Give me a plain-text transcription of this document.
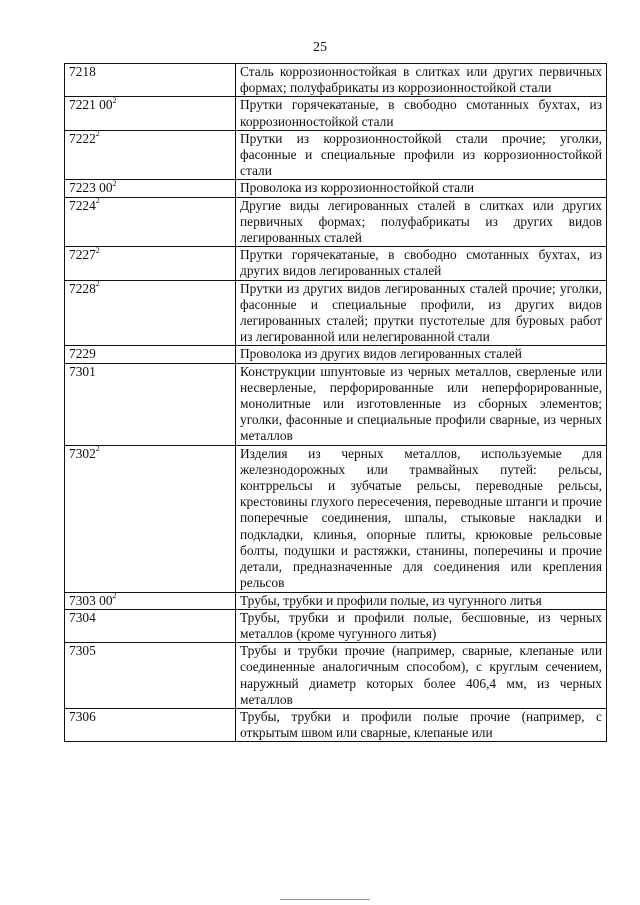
25
7218	Сталь коррозионностойкая в слитках или других первичных формах; полуфабрикаты из коррозионностойкой стали
7221 $00^2$	Прутки горячекатаные, в свободно смотанных бухтах, из коррозионностойкой стали
7222$^2$	Прутки из коррозионностойкой стали прочие; уголки, фасонные и специальные профили из коррозионностойкой стали
7223 $00^2$	Проволока из коррозионностойкой стали
7224$^2$	Другие виды легированных сталей в слитках или других первичных формах; полуфабрикаты из других видов легированных сталей
7227$^2$	Прутки горячекатаные, в свободно смотанных бухтах, из других видов легированных сталей
7228$^2$	Прутки из других видов легированных сталей прочие; уголки, фасонные и специальные профили, из других видов легированных сталей; прутки пустотелые для буровых работ из легированной или нелегированной стали
7229	Проволока из других видов легированных сталей
7301	Конструкции шпунтовые из черных металлов, сверленые или несверленые, перфорированные или неперфорированные, монолитные или изготовленные из сборных элементов; уголки, фасонные и специальные профили сварные, из черных металлов
7302$^2$	Изделия из черных металлов, используемые для железнодорожных или трамвайных путей: рельсы, контррельсы и зубчатые рельсы, переводные рельсы, крестовины глухого пересечения, переводные штанги и прочие поперечные соединения, шпалы, стыковые накладки и подкладки, клинья, опорные плиты, крюковые рельсовые болты, подушки и растяжки, станины, поперечины и прочие детали, предназначенные для соединения или крепления рельсов
7303 $00^2$	Трубы, трубки и профили полые, из чугунного литья
7304	Трубы, трубки и профили полые, бесшовные, из черных металлов (кроме чугунного литья)
7305	Трубы и трубки прочие (например, сварные, клепаные или соединенные аналогичным способом), с круглым сечением, наружный диаметр которых более 406,4 мм, из черных металлов
7306	Трубы, трубки и профили полые прочие (например, с открытым швом или сварные, клепаные или
